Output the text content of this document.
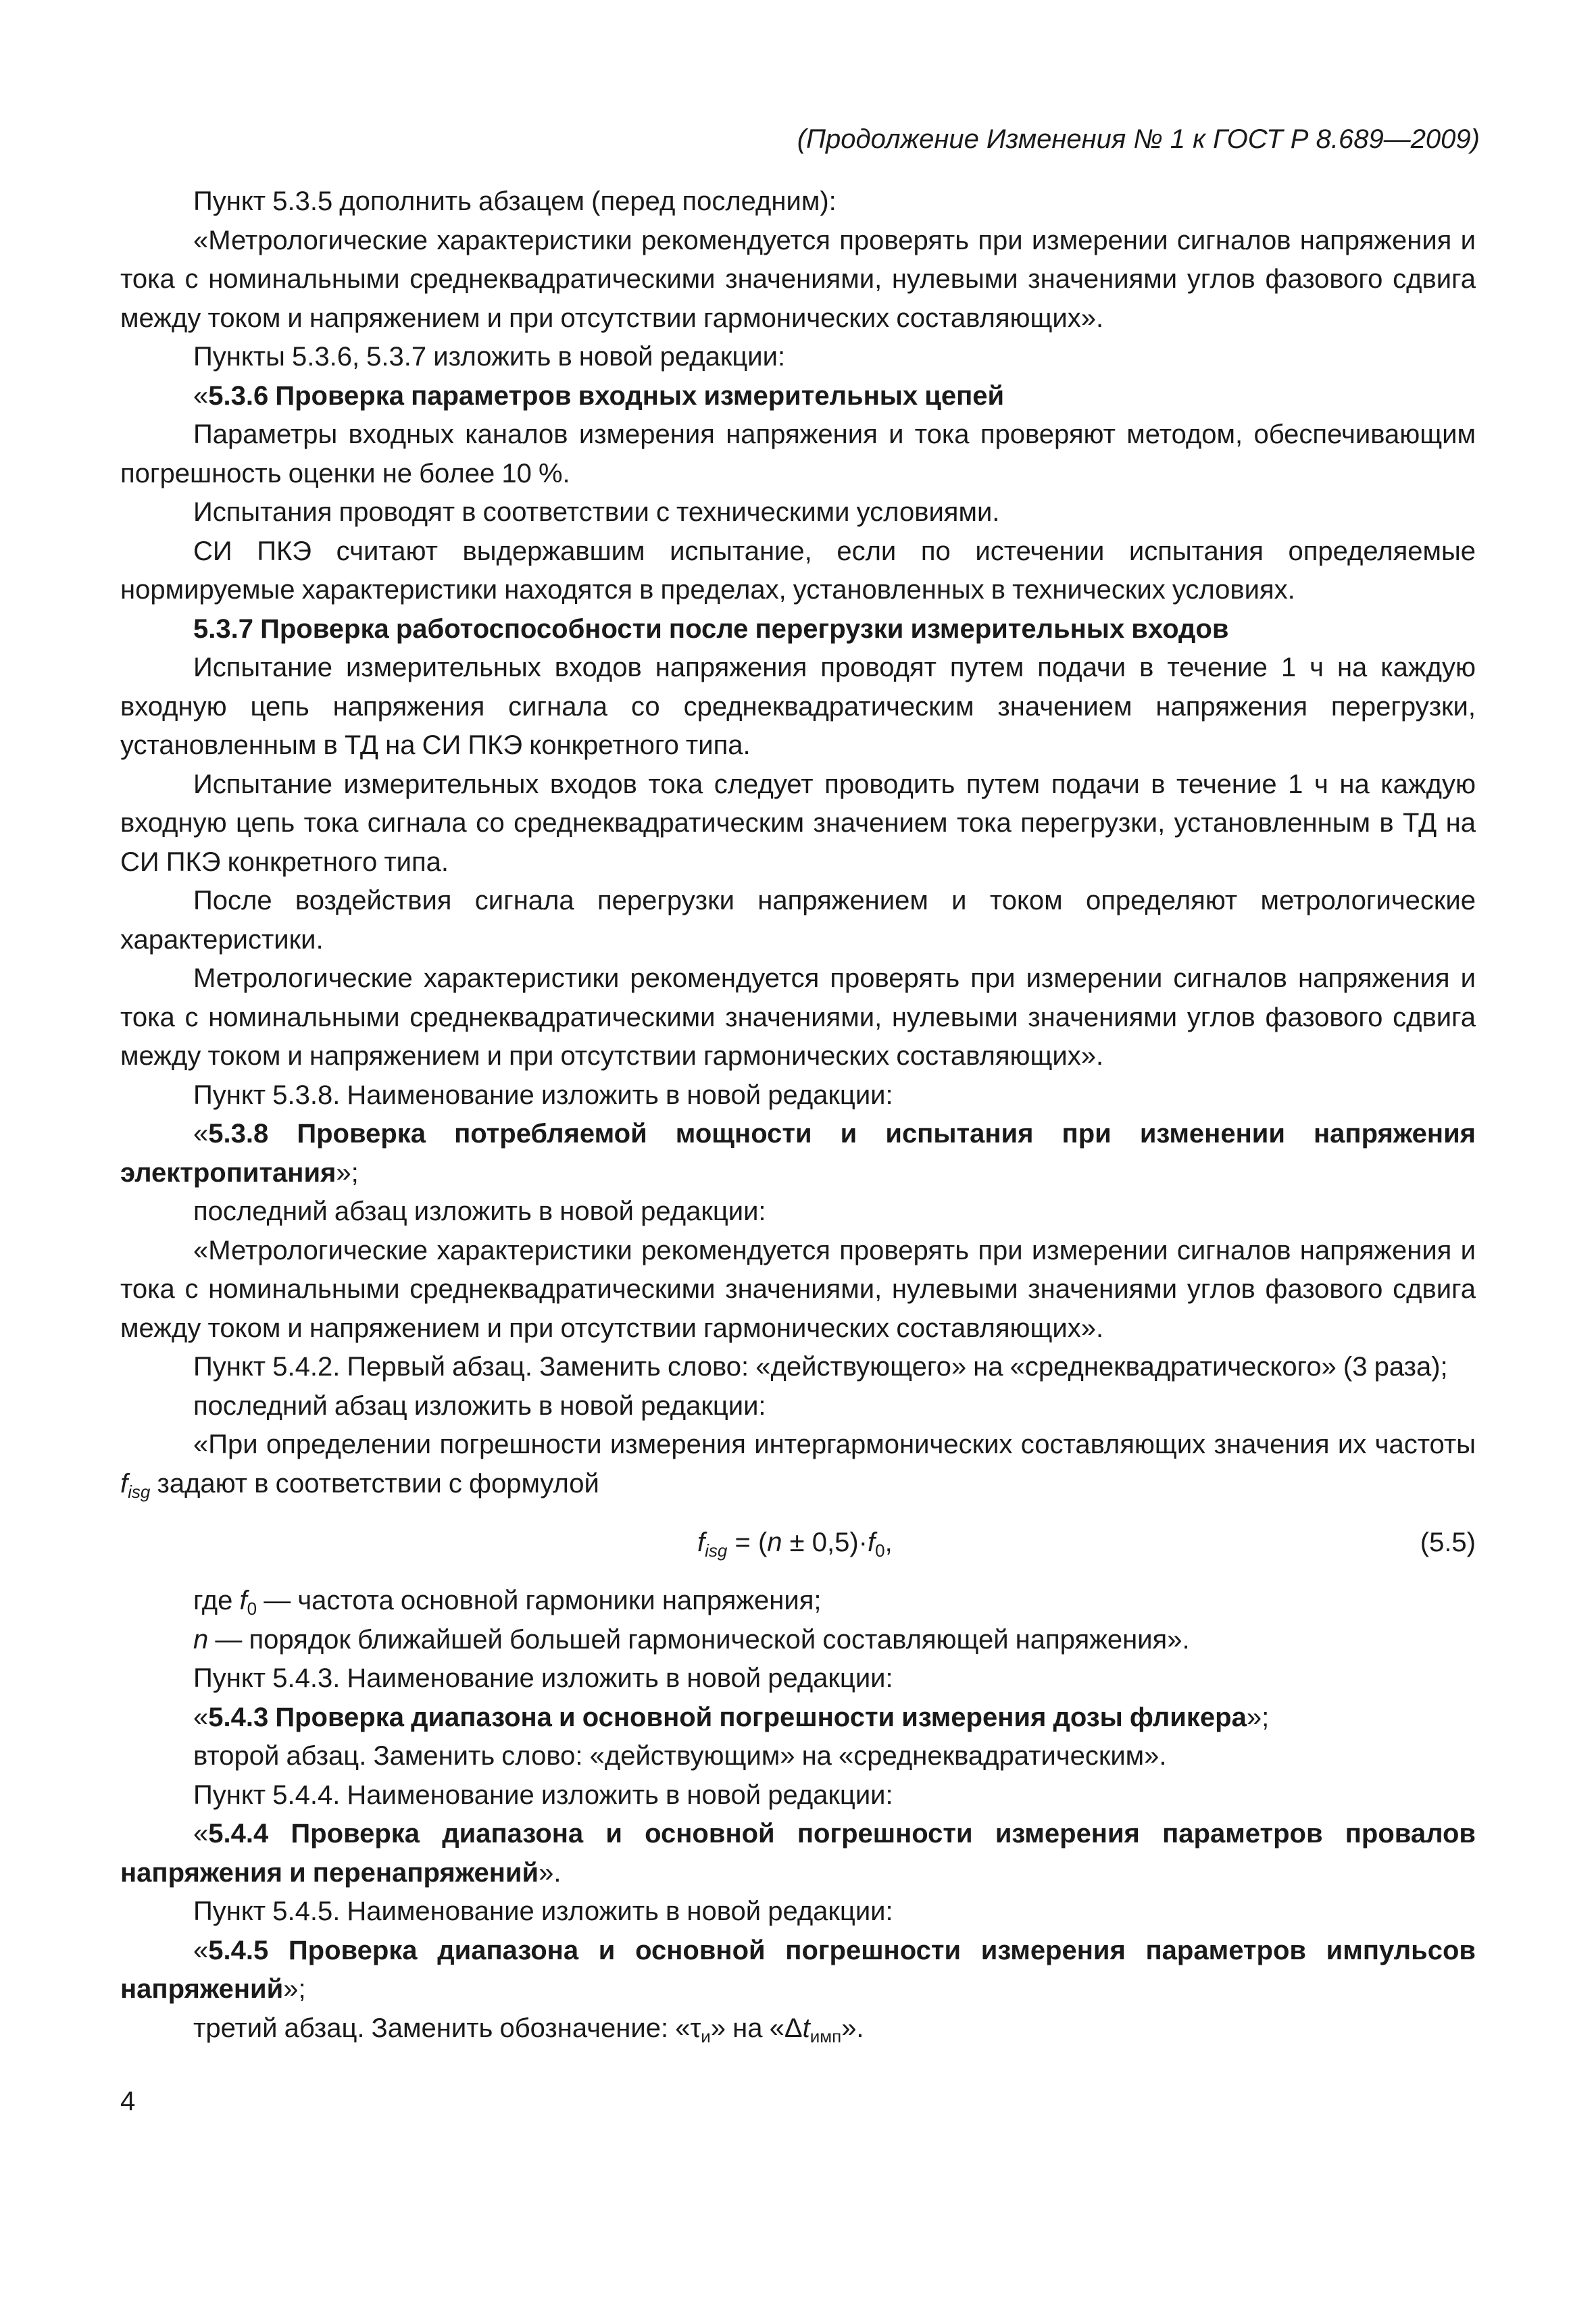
(Продолжение Изменения № 1 к ГОСТ Р 8.689—2009)

Пункт 5.3.5 дополнить абзацем (перед последним):

«Метрологические характеристики рекомендуется проверять при измерении сигналов напряжения и тока с номинальными среднеквадратическими значениями, нулевыми значениями углов фазового сдвига между током и напряжением и при отсутствии гармонических составляющих».

Пункты 5.3.6, 5.3.7 изложить в новой редакции:

«5.3.6 Проверка параметров входных измерительных цепей

Параметры входных каналов измерения напряжения и тока проверяют методом, обеспечивающим погрешность оценки не более 10 %.

Испытания проводят в соответствии с техническими условиями.

СИ ПКЭ считают выдержавшим испытание, если по истечении испытания определяемые нормируемые характеристики находятся в пределах, установленных в технических условиях.

5.3.7 Проверка работоспособности после перегрузки измерительных входов

Испытание измерительных входов напряжения проводят путем подачи в течение 1 ч на каждую входную цепь напряжения сигнала со среднеквадратическим значением напряжения перегрузки, установленным в ТД на СИ ПКЭ конкретного типа.

Испытание измерительных входов тока следует проводить путем подачи в течение 1 ч на каждую входную цепь тока сигнала со среднеквадратическим значением тока перегрузки, установленным в ТД на СИ ПКЭ конкретного типа.

После воздействия сигнала перегрузки напряжением и током определяют метрологические характеристики.

Метрологические характеристики рекомендуется проверять при измерении сигналов напряжения и тока с номинальными среднеквадратическими значениями, нулевыми значениями углов фазового сдвига между током и напряжением и при отсутствии гармонических составляющих».

Пункт 5.3.8. Наименование изложить в новой редакции:

«5.3.8 Проверка потребляемой мощности и испытания при изменении напряжения электропитания»;

последний абзац изложить в новой редакции:

«Метрологические характеристики рекомендуется проверять при измерении сигналов напряжения и тока с номинальными среднеквадратическими значениями, нулевыми значениями углов фазового сдвига между током и напряжением и при отсутствии гармонических составляющих».

Пункт 5.4.2. Первый абзац. Заменить слово: «действующего» на «среднеквадратического» (3 раза);

последний абзац изложить в новой редакции:

«При определении погрешности измерения интергармонических составляющих значения их частоты $f_{isg}$ задают в соответствии с формулой

$f_{isg} = (n \pm 0,5)\cdot f_0$,	(5.5)

где $f_0$ — частота основной гармоники напряжения;

n — порядок ближайшей большей гармонической составляющей напряжения».

Пункт 5.4.3. Наименование изложить в новой редакции:

«5.4.3 Проверка диапазона и основной погрешности измерения дозы фликера»;

второй абзац. Заменить слово: «действующим» на «среднеквадратическим».

Пункт 5.4.4. Наименование изложить в новой редакции:

«5.4.4 Проверка диапазона и основной погрешности измерения параметров провалов напряжения и перенапряжений».

Пункт 5.4.5. Наименование изложить в новой редакции:

«5.4.5 Проверка диапазона и основной погрешности измерения параметров импульсов напряжений»;

третий абзац. Заменить обозначение: «$\tau_и$» на «$\Delta t_{имп}$».

4
